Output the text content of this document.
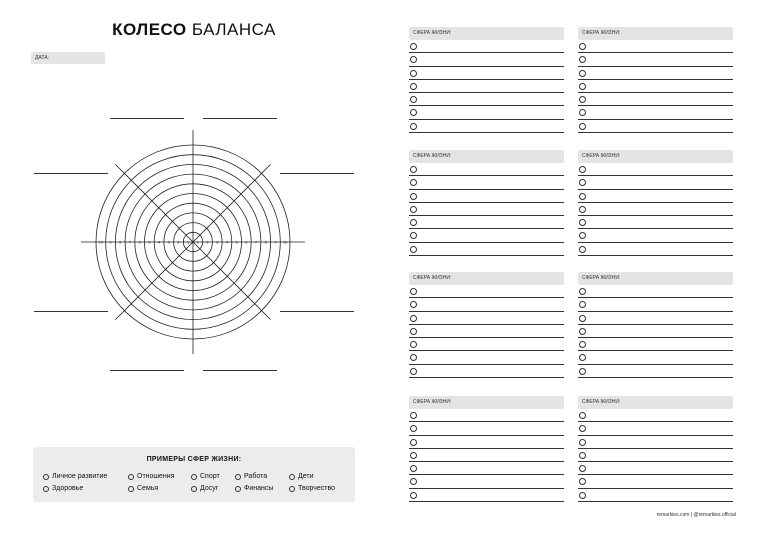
КОЛЕСО БАЛАНСА
ДАТА:
10 9 8 7 6 5 4 3 2 1 1 2 3 4 5 6 7 8 9 10
ПРИМЕРЫ СФЕР ЖИЗНИ:
Личное развитие	Отношения	Спорт	Работа	Дети
Здоровье	Семья	Досуг	Финансы	Творчество
СФЕРА ЖИЗНИ:	СФЕРА ЖИЗНИ:
СФЕРА ЖИЗНИ:	СФЕРА ЖИЗНИ:
СФЕРА ЖИЗНИ:	СФЕРА ЖИЗНИ:
СФЕРА ЖИЗНИ:	СФЕРА ЖИЗНИ:
remarkies.com | @remarkies.official
